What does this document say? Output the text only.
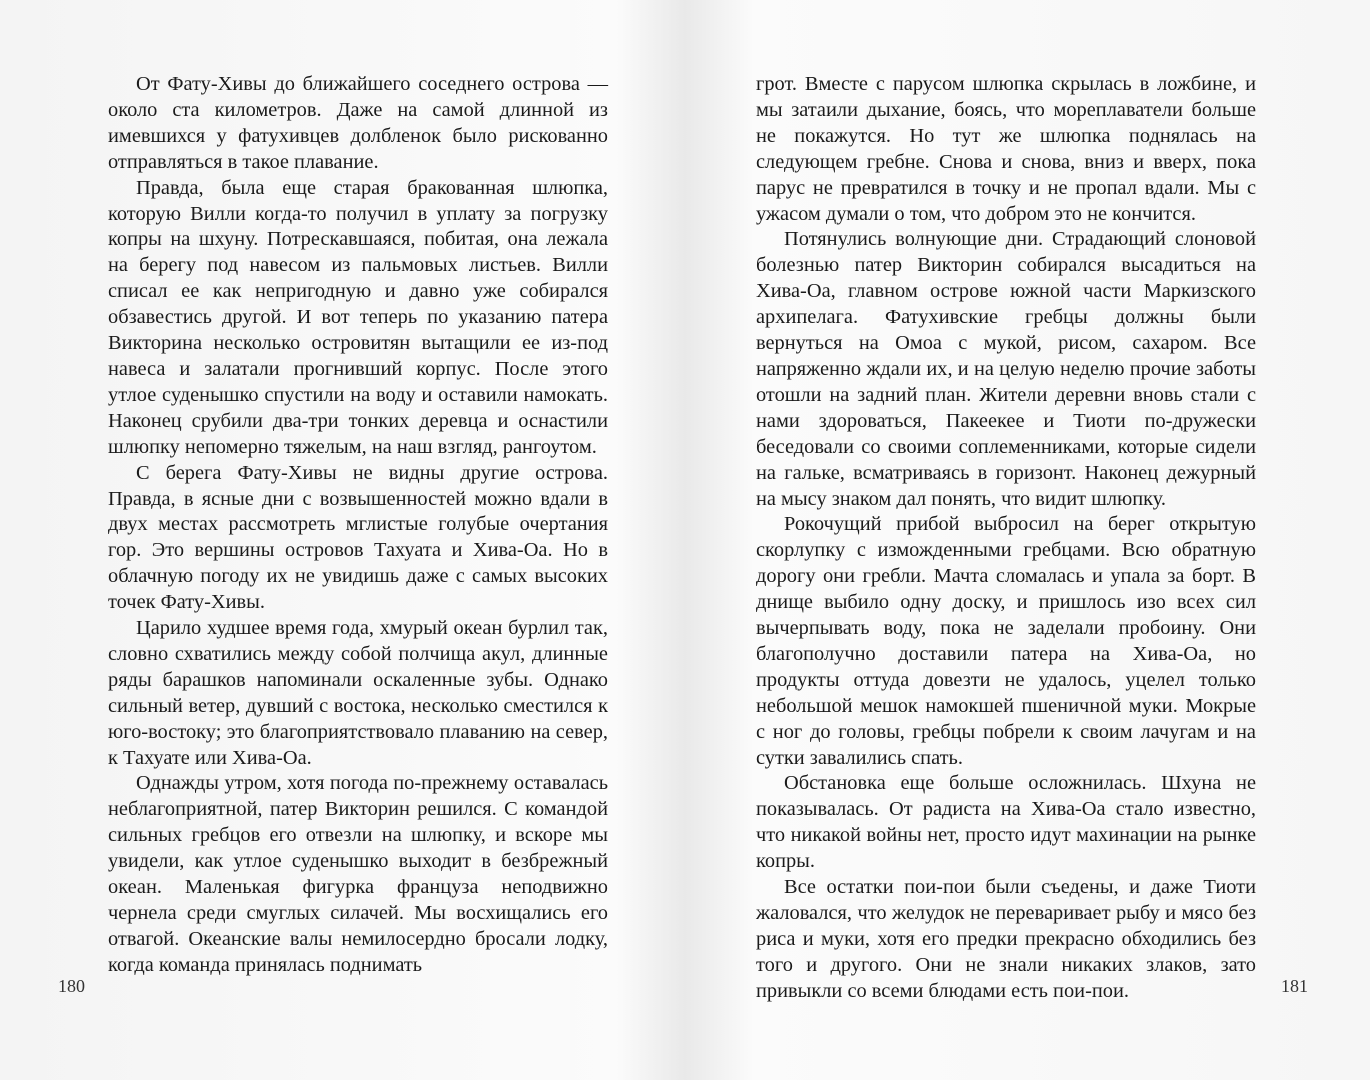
От Фату-Хивы до ближайшего соседнего острова — около ста километров. Даже на самой длинной из имевшихся у фатухивцев долбленок было рискованно отправляться в такое плавание.

Правда, была еще старая бракованная шлюпка, которую Вилли когда-то получил в уплату за погрузку копры на шхуну. Потрескавшаяся, побитая, она лежала на берегу под навесом из пальмовых листьев. Вилли списал ее как непригодную и давно уже собирался обзавестись другой. И вот теперь по указанию патера Викторина несколько островитян вытащили ее из-под навеса и залатали прогнивший корпус. После этого утлое суденышко спустили на воду и оставили намокать. Наконец срубили два-три тонких деревца и оснастили шлюпку непомерно тяжелым, на наш взгляд, рангоутом.

С берега Фату-Хивы не видны другие острова. Правда, в ясные дни с возвышенностей можно вдали в двух местах рассмотреть мглистые голубые очертания гор. Это вершины островов Тахуата и Хива-Оа. Но в облачную погоду их не увидишь даже с самых высоких точек Фату-Хивы.

Царило худшее время года, хмурый океан бурлил так, словно схватились между собой полчища акул, длинные ряды барашков напоминали оскаленные зубы. Однако сильный ветер, дувший с востока, несколько сместился к юго-востоку; это благоприятствовало плаванию на север, к Тахуате или Хива-Оа.

Однажды утром, хотя погода по-прежнему оставалась неблагоприятной, патер Викторин решился. С командой сильных гребцов его отвезли на шлюпку, и вскоре мы увидели, как утлое суденышко выходит в безбрежный океан. Маленькая фигурка француза неподвижно чернела среди смуглых силачей. Мы восхищались его отвагой. Океанские валы немилосердно бросали лодку, когда команда принялась поднимать

180

грот. Вместе с парусом шлюпка скрылась в ложбине, и мы затаили дыхание, боясь, что мореплаватели больше не покажутся. Но тут же шлюпка поднялась на следующем гребне. Снова и снова, вниз и вверх, пока парус не превратился в точку и не пропал вдали. Мы с ужасом думали о том, что добром это не кончится.

Потянулись волнующие дни. Страдающий слоновой болезнью патер Викторин собирался высадиться на Хива-Оа, главном острове южной части Маркизского архипелага. Фатухивские гребцы должны были вернуться на Омоа с мукой, рисом, сахаром. Все напряженно ждали их, и на целую неделю прочие заботы отошли на задний план. Жители деревни вновь стали с нами здороваться, Пакеекее и Тиоти по-дружески беседовали со своими соплеменниками, которые сидели на гальке, всматриваясь в горизонт. Наконец дежурный на мысу знаком дал понять, что видит шлюпку.

Рокочущий прибой выбросил на берег открытую скорлупку с изможденными гребцами. Всю обратную дорогу они гребли. Мачта сломалась и упала за борт. В днище выбило одну доску, и пришлось изо всех сил вычерпывать воду, пока не заделали пробоину. Они благополучно доставили патера на Хива-Оа, но продукты оттуда довезти не удалось, уцелел только небольшой мешок намокшей пшеничной муки. Мокрые с ног до головы, гребцы побрели к своим лачугам и на сутки завалились спать.

Обстановка еще больше осложнилась. Шхуна не показывалась. От радиста на Хива-Оа стало известно, что никакой войны нет, просто идут махинации на рынке копры.

Все остатки пои-пои были съедены, и даже Тиоти жаловался, что желудок не переваривает рыбу и мясо без риса и муки, хотя его предки прекрасно обходились без того и другого. Они не знали никаких злаков, зато привыкли со всеми блюдами есть пои-пои.	181
